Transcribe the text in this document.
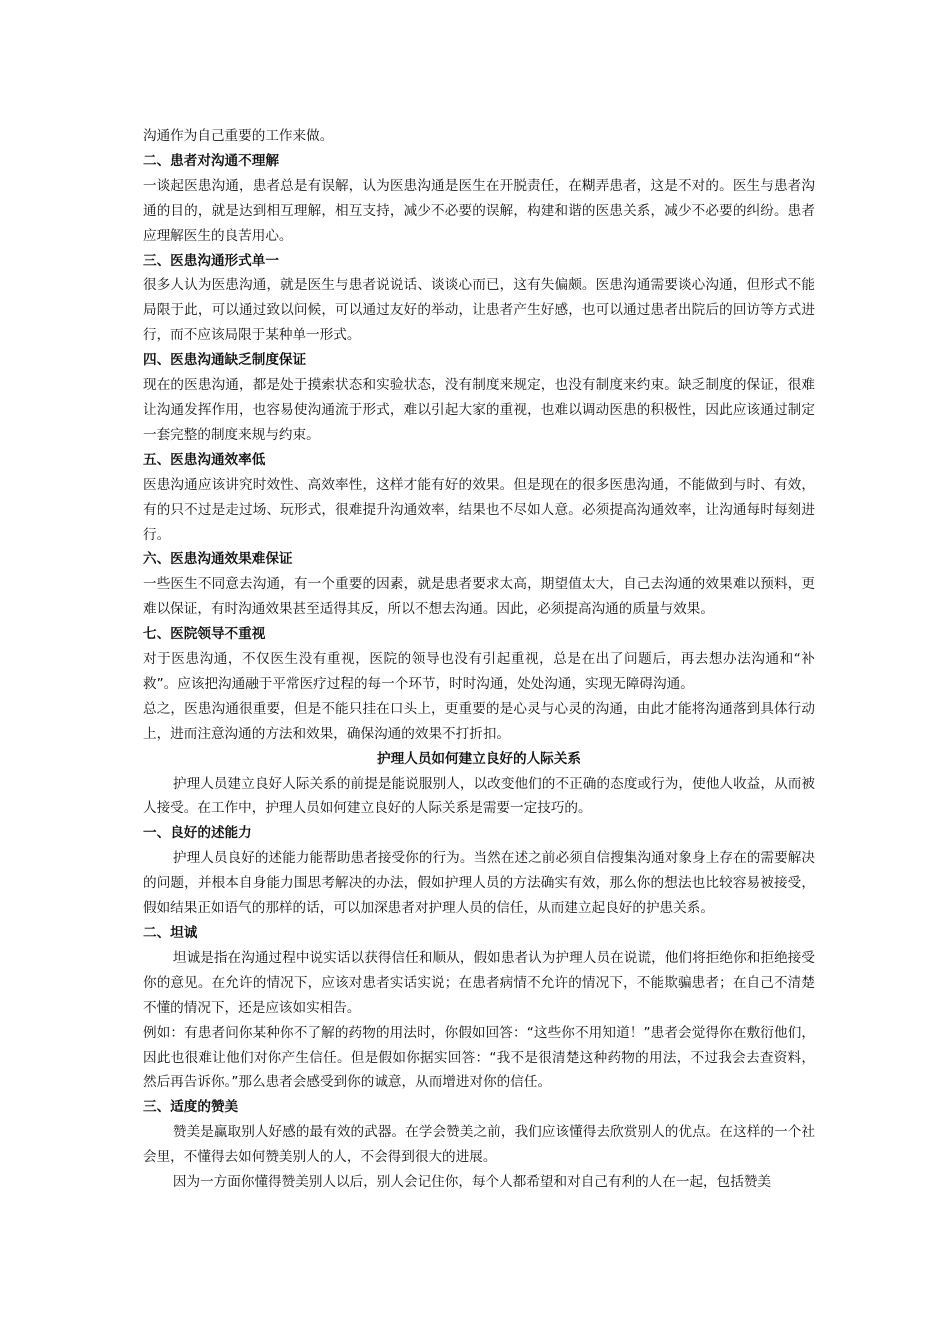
沟通作为自己重要的工作来做。

二、患者对沟通不理解

一谈起医患沟通，患者总是有误解，认为医患沟通是医生在开脱责任，在糊弄患者，这是不对的。医生与患者沟通的目的，就是达到相互理解，相互支持，减少不必要的误解，构建和谐的医患关系，减少不必要的纠纷。患者应理解医生的良苦用心。

三、医患沟通形式单一

很多人认为医患沟通，就是医生与患者说说话、谈谈心而已，这有失偏颇。医患沟通需要谈心沟通，但形式不能局限于此，可以通过致以问候，可以通过友好的举动，让患者产生好感，也可以通过患者出院后的回访等方式进行，而不应该局限于某种单一形式。

四、医患沟通缺乏制度保证

现在的医患沟通，都是处于摸索状态和实验状态，没有制度来规定，也没有制度来约束。缺乏制度的保证，很难让沟通发挥作用，也容易使沟通流于形式，难以引起大家的重视，也难以调动医患的积极性，因此应该通过制定一套完整的制度来规与约束。

五、医患沟通效率低

医患沟通应该讲究时效性、高效率性，这样才能有好的效果。但是现在的很多医患沟通，不能做到与时、有效，有的只不过是走过场、玩形式，很难提升沟通效率，结果也不尽如人意。必须提高沟通效率，让沟通每时每刻进行。

六、医患沟通效果难保证

一些医生不同意去沟通，有一个重要的因素，就是患者要求太高，期望值太大，自己去沟通的效果难以预料，更难以保证，有时沟通效果甚至适得其反，所以不想去沟通。因此，必须提高沟通的质量与效果。

七、医院领导不重视

对于医患沟通，不仅医生没有重视，医院的领导也没有引起重视，总是在出了问题后，再去想办法沟通和“补救”。应该把沟通融于平常医疗过程的每一个环节，时时沟通，处处沟通，实现无障碍沟通。

总之，医患沟通很重要，但是不能只挂在口头上，更重要的是心灵与心灵的沟通，由此才能将沟通落到具体行动上，进而注意沟通的方法和效果，确保沟通的效果不打折扣。

护理人员如何建立良好的人际关系

护理人员建立良好人际关系的前提是能说服别人，以改变他们的不正确的态度或行为，使他人收益，从而被人接受。在工作中，护理人员如何建立良好的人际关系是需要一定技巧的。

一、良好的述能力

护理人员良好的述能力能帮助患者接受你的行为。当然在述之前必须自信搜集沟通对象身上存在的需要解决的问题，并根本自身能力围思考解决的办法，假如护理人员的方法确实有效，那么你的想法也比较容易被接受，假如结果正如语气的那样的话，可以加深患者对护理人员的信任，从而建立起良好的护患关系。

二、坦诚

坦诚是指在沟通过程中说实话以获得信任和顺从，假如患者认为护理人员在说谎，他们将拒绝你和拒绝接受你的意见。在允许的情况下，应该对患者实话实说；在患者病情不允许的情况下，不能欺骗患者；在自己不清楚不懂的情况下，还是应该如实相告。

例如：有患者问你某种你不了解的药物的用法时，你假如回答：“这些你不用知道！”患者会觉得你在敷衍他们，因此也很难让他们对你产生信任。但是假如你据实回答：“我不是很清楚这种药物的用法，不过我会去查资料，然后再告诉你。”那么患者会感受到你的诚意，从而增进对你的信任。

三、适度的赞美

赞美是赢取别人好感的最有效的武器。在学会赞美之前，我们应该懂得去欣赏别人的优点。在这样的一个社会里，不懂得去如何赞美别人的人，不会得到很大的进展。

因为一方面你懂得赞美别人以后，别人会记住你，每个人都希望和对自己有利的人在一起，包括赞美
